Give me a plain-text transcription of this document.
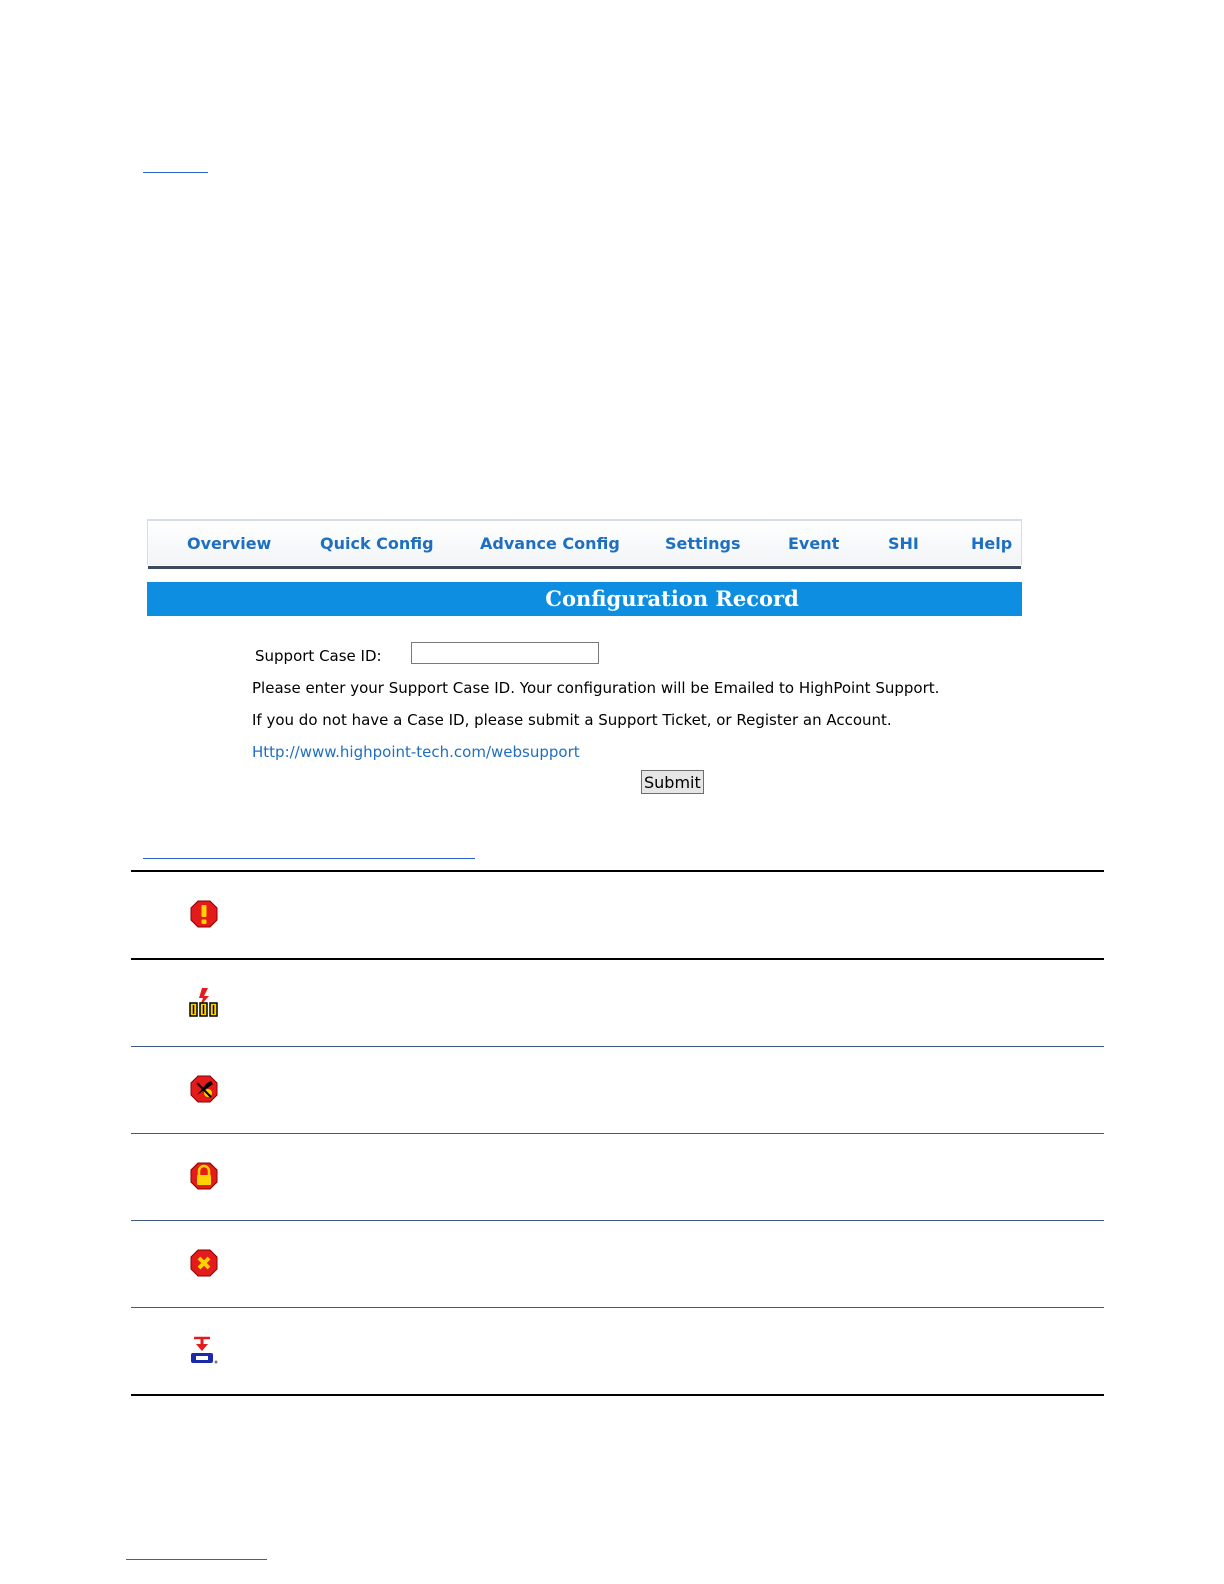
Overview	Quick Config	Advance Config	Settings	Event	SHI	Help
Configuration Record
Support Case ID:
Please enter your Support Case ID. Your configuration will be Emailed to HighPoint Support.
If you do not have a Case ID, please submit a Support Ticket, or Register an Account.
Http://www.highpoint-tech.com/websupport
Submit
